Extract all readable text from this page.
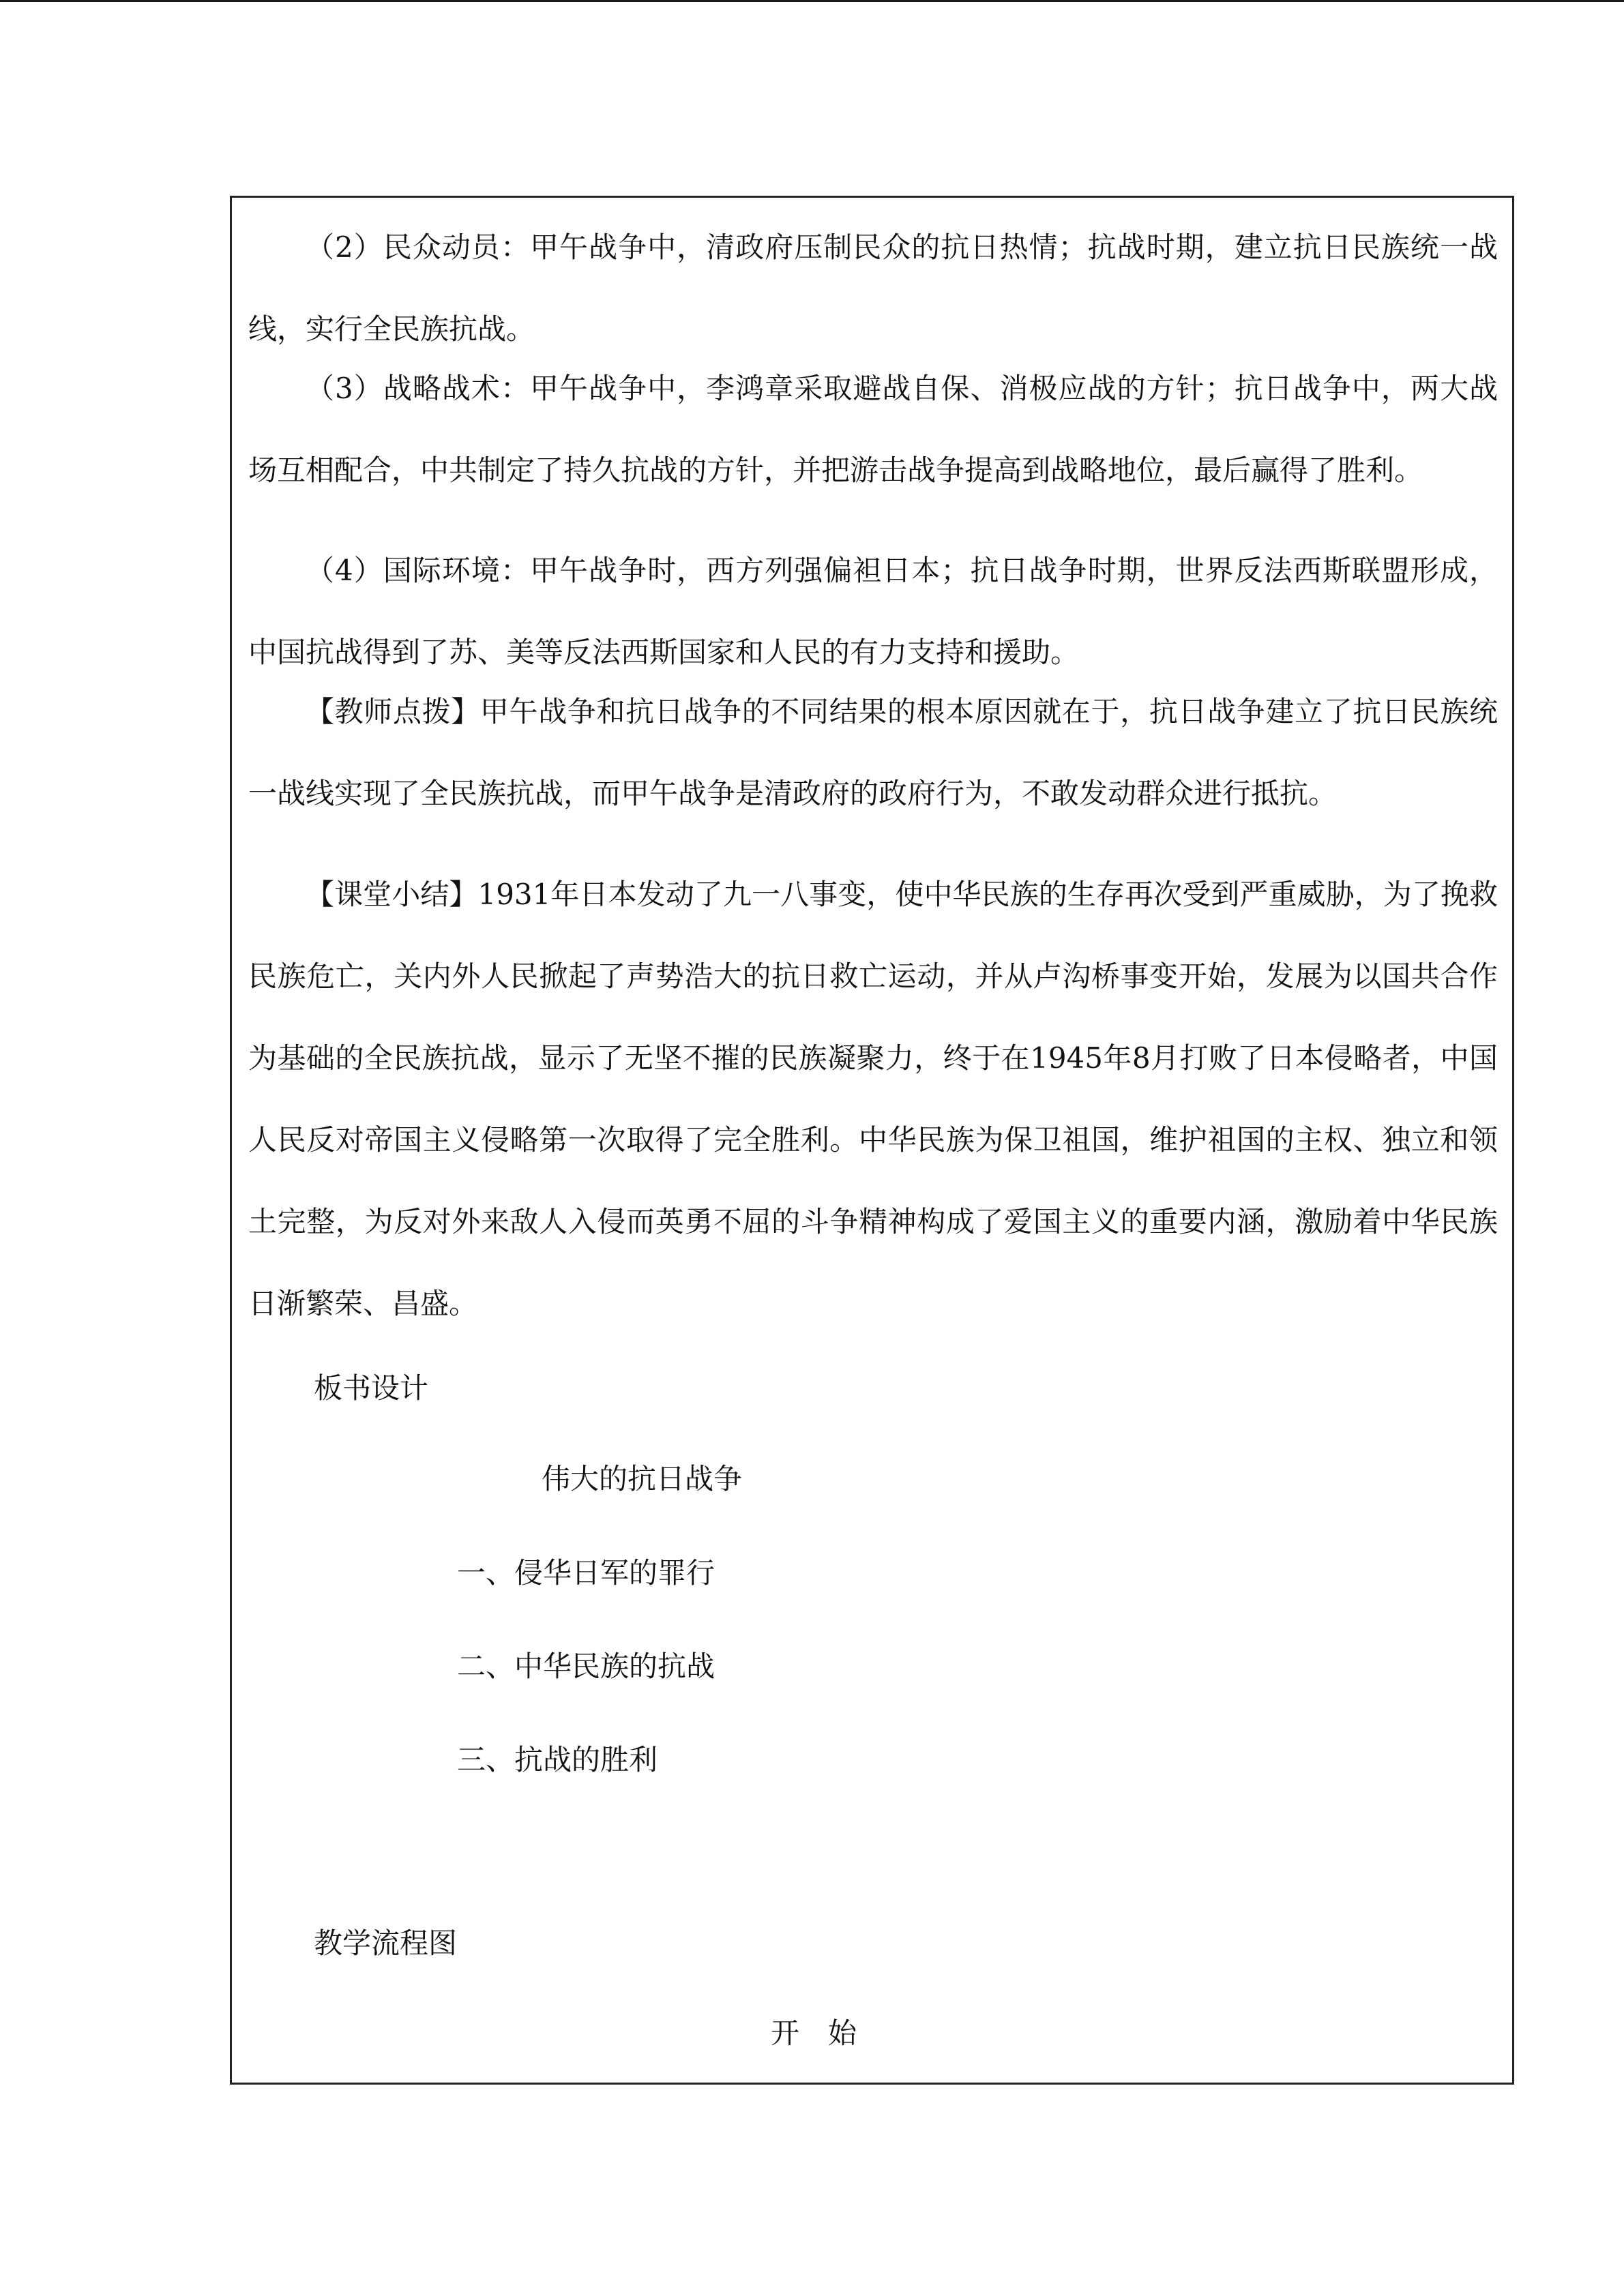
（2）民众动员：甲午战争中，清政府压制民众的抗日热情；抗战时期，建立抗日民族统一战线，实行全民族抗战。

（3）战略战术：甲午战争中，李鸿章采取避战自保、消极应战的方针；抗日战争中，两大战场互相配合，中共制定了持久抗战的方针，并把游击战争提高到战略地位，最后赢得了胜利。

（4）国际环境：甲午战争时，西方列强偏袒日本；抗日战争时期，世界反法西斯联盟形成，中国抗战得到了苏、美等反法西斯国家和人民的有力支持和援助。

【教师点拨】甲午战争和抗日战争的不同结果的根本原因就在于，抗日战争建立了抗日民族统一战线实现了全民族抗战，而甲午战争是清政府的政府行为，不敢发动群众进行抵抗。

【课堂小结】1931年日本发动了九一八事变，使中华民族的生存再次受到严重威胁，为了挽救民族危亡，关内外人民掀起了声势浩大的抗日救亡运动，并从卢沟桥事变开始，发展为以国共合作为基础的全民族抗战，显示了无坚不摧的民族凝聚力，终于在1945年8月打败了日本侵略者，中国人民反对帝国主义侵略第一次取得了完全胜利。中华民族为保卫祖国，维护祖国的主权、独立和领土完整，为反对外来敌人入侵而英勇不屈的斗争精神构成了爱国主义的重要内涵，激励着中华民族日渐繁荣、昌盛。

板书设计
伟大的抗日战争
一、侵华日军的罪行
二、中华民族的抗战
三、抗战的胜利
教学流程图
开　始
